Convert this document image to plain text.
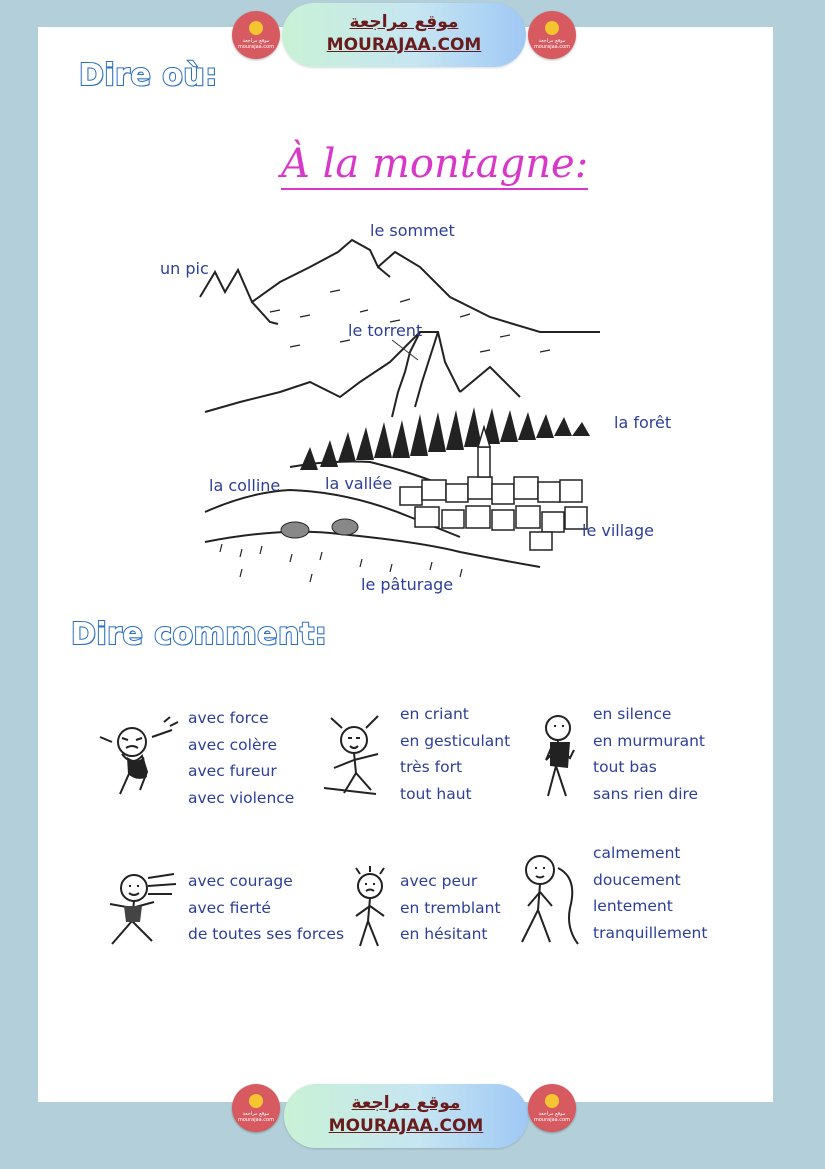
موقع مراجعة
mourajaa.com
موقع مراجعة
MOURAJAA.COM	موقع مراجعة
mourajaa.com
Dire où:
À la montagne:
le sommet
un pic
le torrent
la forêt
la colline	la vallée
le village
le pâturage
Dire comment:
avec force
avec colère
avec fureur
avec violence
en criant
en gesticulant
très fort
tout haut
en silence
en murmurant
tout bas
sans rien dire
avec courage
avec fierté
de toutes ses forces
avec peur
en tremblant
en hésitant
calmement
doucement
lentement
tranquillement
موقع مراجعة
mourajaa.com
موقع مراجعة
MOURAJAA.COM
موقع مراجعة
mourajaa.com
